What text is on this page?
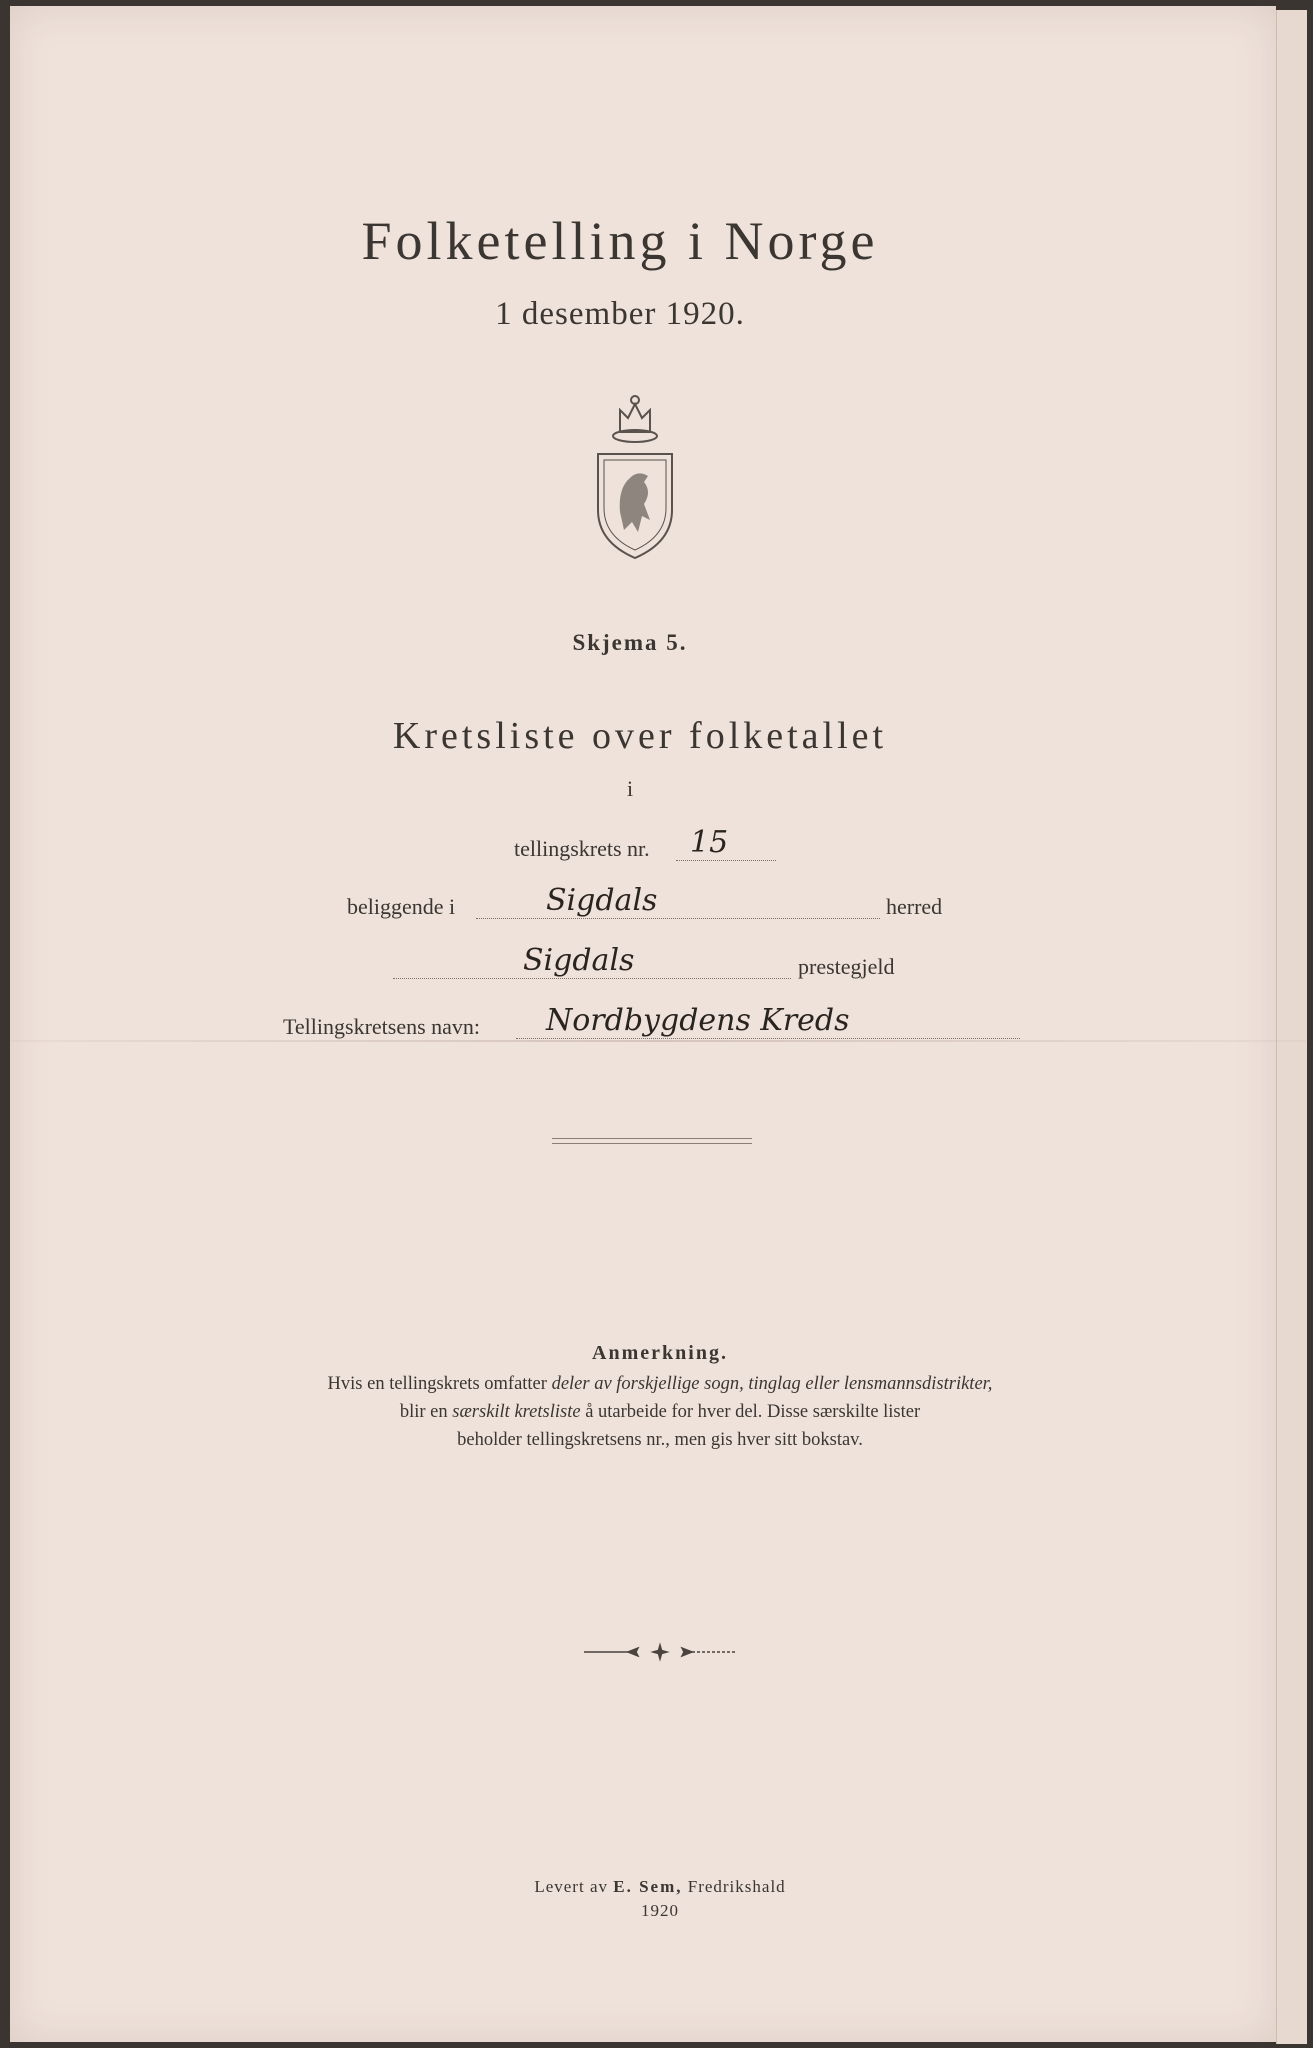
Folketelling i Norge
1 desember 1920.
Skjema 5.
Kretsliste over folketallet
i
tellingskrets nr.	15
beliggende i	Sigdals	herred
Sigdals	prestegjeld
Tellingskretsens navn:	Nordbygdens Kreds
Anmerkning.
Hvis en tellingskrets omfatter deler av forskjellige sogn, tinglag eller lensmannsdistrikter,
blir en særskilt kretsliste å utarbeide for hver del. Disse særskilte lister
beholder tellingskretsens nr., men gis hver sitt bokstav.
Levert av E. Sem, Fredrikshald
1920
